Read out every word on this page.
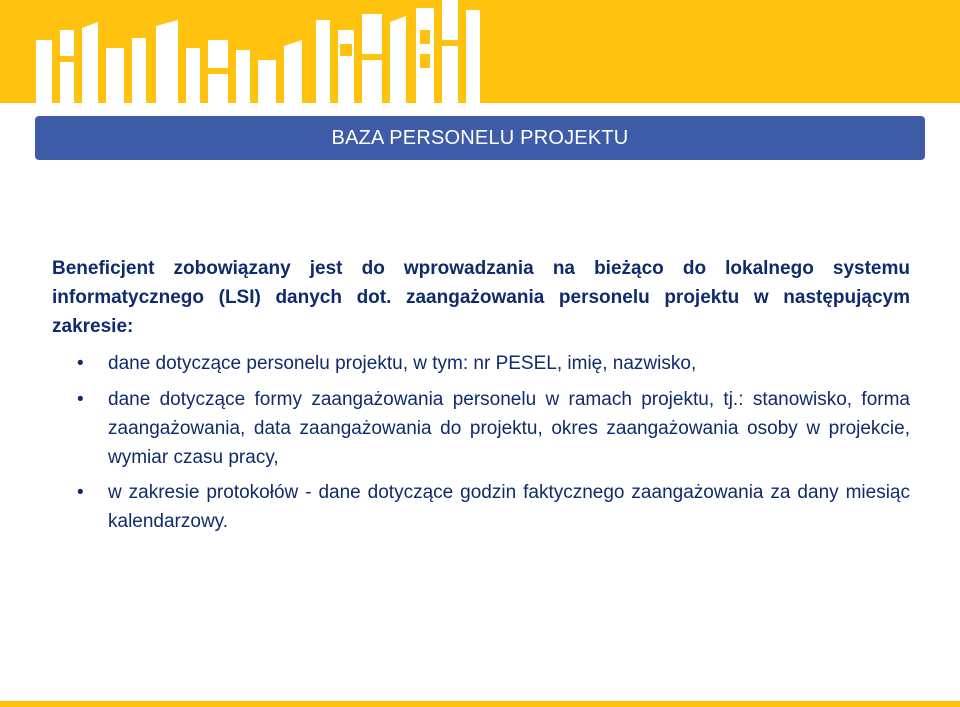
BAZA PERSONELU PROJEKTU

Beneficjent zobowiązany jest do wprowadzania na bieżąco do lokalnego systemu informatycznego (LSI) danych dot. zaangażowania personelu projektu w następującym zakresie:

• dane dotyczące personelu projektu, w tym: nr PESEL, imię, nazwisko,
• dane dotyczące formy zaangażowania personelu w ramach projektu, tj.: stanowisko, forma zaangażowania, data zaangażowania do projektu, okres zaangażowania osoby w projekcie, wymiar czasu pracy,
• w zakresie protokołów - dane dotyczące godzin faktycznego zaangażowania za dany miesiąc kalendarzowy.
